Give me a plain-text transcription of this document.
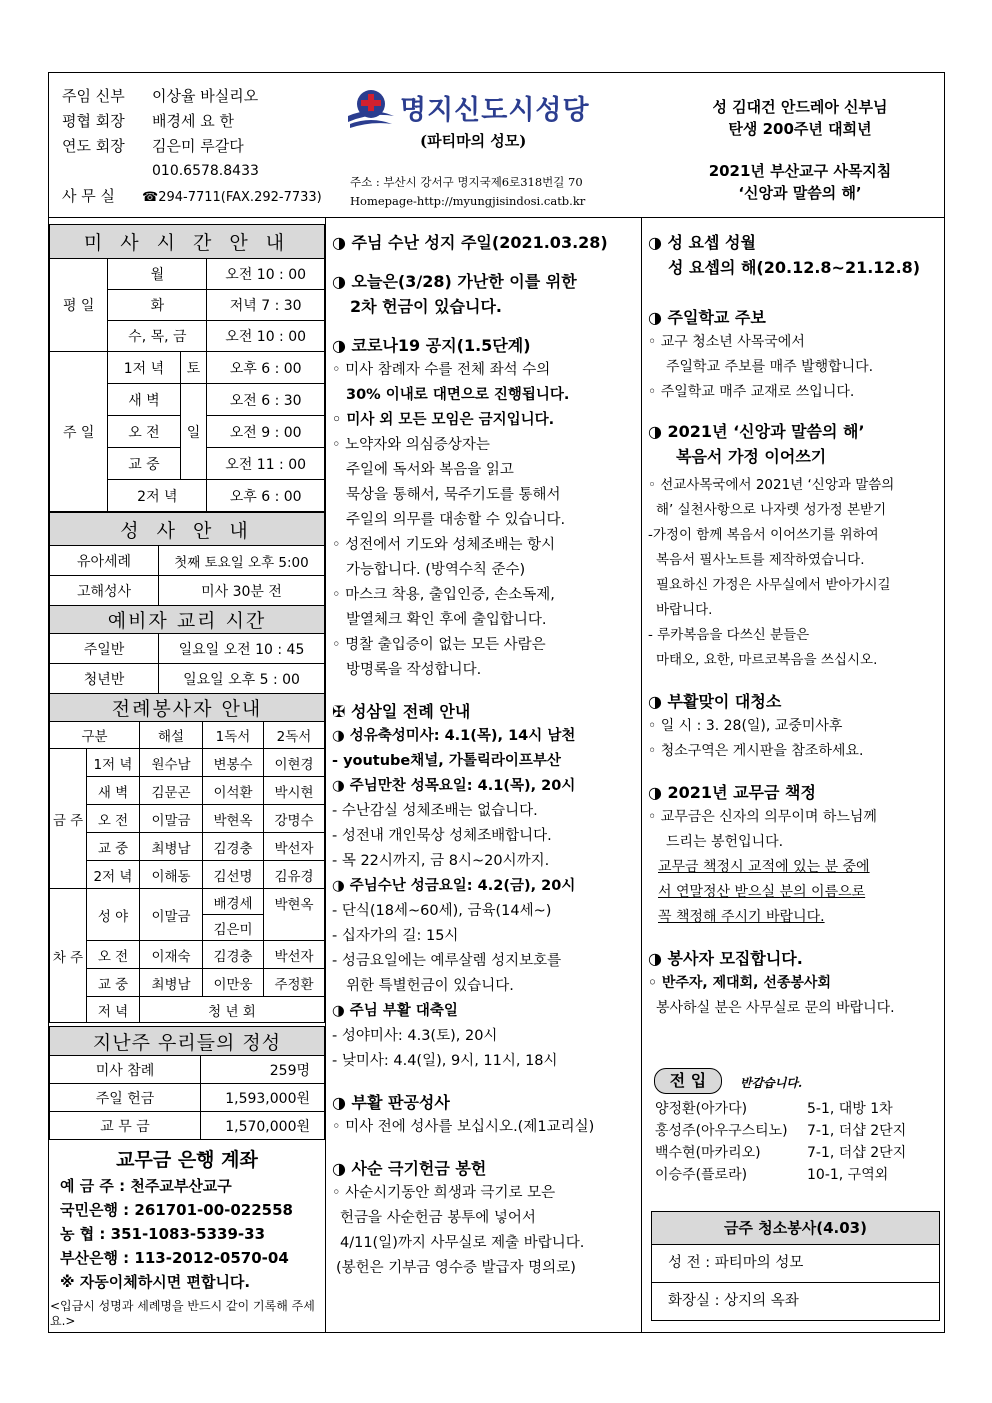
주임 신부 이상율 바실리오
평협 회장 배경세 요 한
연도 회장 김은미 루갈다
010.6578.8433
사 무 실 ☎294-7711(FAX.292-7733)
명지신도시성당
(파티마의 성모)
주소 : 부산시 강서구 명지국제6로318번길 70
Homepage-http://myungjisindosi.catb.kr
성 김대건 안드레아 신부님
탄생 200주년 대희년
2021년 부산교구 사목지침
‘신앙과 말씀의 해’
미 사 시 간 안 내			
평 일	월		오전 10 : 00
	화		저녁 7 : 30
	수, 목, 금		오전 10 : 00
주 일	1저 녁	토	오후 6 : 00
	새 벽	일	오전 6 : 30
	오 전		오전 9 : 00
	교 중		오전 11 : 00
	2저 녁		오후 6 : 00
성 사 안 내	
유아세례	첫째 토요일 오후 5:00
고해성사	미사 30분 전
예비자 교리 시간	
주일반	일요일 오전 10 : 45
청년반	일요일 오후 5 : 00
전례봉사자 안내				
구분		해설	1독서	2독서
금 주	1저 녁	원수남	변봉수	이현경
	새 벽	김문곤	이석환	박시현
	오 전	이말금	박현옥	강명수
	교 중	최병남	김경충	박선자
	2저 녁	이해동	김선명	김유경
차 주	성 야	이말금	배경세	박현옥
			김은미	
	오 전	이재숙	김경충	박선자
	교 중	최병남	이만웅	주정환
	저 녁	청 년 회		
지난주 우리들의 정성	
미사 참례	259명
주일 헌금	1,593,000원
교 무 금	1,570,000원
교무금 은행 계좌
예 금 주 : 천주교부산교구
국민은행 : 261701-00-022558
농 협 : 351-1083-5339-33
부산은행 : 113-2012-0570-04
※ 자동이체하시면 편합니다.
<입금시 성명과 세례명을 반드시 같이 기록해 주세요.>
◑ 주님 수난 성지 주일(2021.03.28)
◑ 오늘은(3/28) 가난한 이를 위한
2차 헌금이 있습니다.
◑ 코로나19 공지(1.5단계)
◦ 미사 참례자 수를 전체 좌석 수의
30% 이내로 대면으로 진행됩니다.
◦ 미사 외 모든 모임은 금지입니다.
◦ 노약자와 의심증상자는
주일에 독서와 복음을 읽고
묵상을 통해서, 묵주기도를 통해서
주일의 의무를 대송할 수 있습니다.
◦ 성전에서 기도와 성체조배는 항시
가능합니다. (방역수칙 준수)
◦ 마스크 착용, 출입인증, 손소독제,
발열체크 확인 후에 출입합니다.
◦ 명찰 출입증이 없는 모든 사람은
방명록을 작성합니다.
✠ 성삼일 전례 안내
◑ 성유축성미사: 4.1(목), 14시 남천
- youtube채널, 가톨릭라이프부산
◑ 주님만찬 성목요일: 4.1(목), 20시
- 수난감실 성체조배는 없습니다.
- 성전내 개인묵상 성체조배합니다.
- 목 22시까지, 금 8시~20시까지.
◑ 주님수난 성금요일: 4.2(금), 20시
- 단식(18세~60세), 금육(14세~)
- 십자가의 길: 15시
- 성금요일에는 예루살렘 성지보호를
위한 특별헌금이 있습니다.
◑ 주님 부활 대축일
- 성야미사: 4.3(토), 20시
- 낮미사: 4.4(일), 9시, 11시, 18시
◑ 부활 판공성사
◦ 미사 전에 성사를 보십시오.(제1교리실)
◑ 사순 극기헌금 봉헌
◦ 사순시기동안 희생과 극기로 모은
헌금을 사순헌금 봉투에 넣어서
4/11(일)까지 사무실로 제출 바랍니다.
(봉헌은 기부금 영수증 발급자 명의로)
◑ 성 요셉 성월
성 요셉의 해(20.12.8~21.12.8)
◑ 주일학교 주보
◦ 교구 청소년 사목국에서
주일학교 주보를 매주 발행합니다.
◦ 주일학교 매주 교재로 쓰입니다.
◑ 2021년 ‘신앙과 말씀의 해’
복음서 가정 이어쓰기
◦ 선교사목국에서 2021년 ‘신앙과 말씀의
해’ 실천사항으로 나자렛 성가정 본받기
-가정이 함께 복음서 이어쓰기를 위하여
복음서 필사노트를 제작하였습니다.
필요하신 가정은 사무실에서 받아가시길
바랍니다.
- 루카복음을 다쓰신 분들은
마태오, 요한, 마르코복음을 쓰십시오.
◑ 부활맞이 대청소
◦ 일 시 : 3. 28(일), 교중미사후
◦ 청소구역은 게시판을 참조하세요.
◑ 2021년 교무금 책정
◦ 교무금은 신자의 의무이며 하느님께
드리는 봉헌입니다.
교무금 책정시 교적에 있는 분 중에
서 연말정산 받으실 분의 이름으로
꼭 책정해 주시기 바랍니다.
◑ 봉사자 모집합니다.
◦ 반주자, 제대회, 선종봉사회
봉사하실 분은 사무실로 문의 바랍니다.
전 입	반갑습니다.
양정환(아가다)	5-1, 대방 1차
홍성주(아우구스티노) 7-1, 더샵 2단지
백수현(마카리오)	7-1, 더샵 2단지
이승주(플로라)	10-1, 구역외
금주 청소봉사(4.03)
성 전 : 파티마의 성모
화장실 : 상지의 옥좌
